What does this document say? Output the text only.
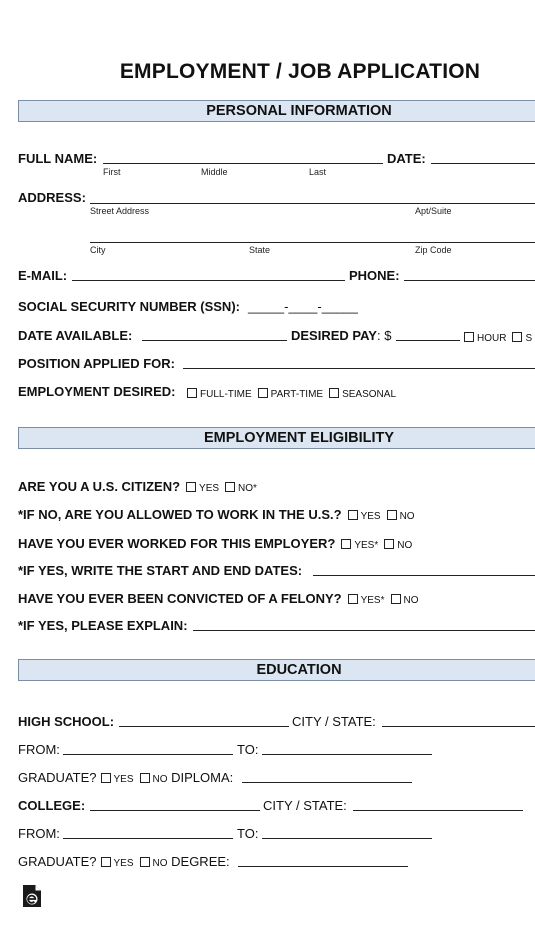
EMPLOYMENT / JOB APPLICATION
PERSONAL INFORMATION
FULL NAME:
First	Middle	Last
DATE:
ADDRESS:
Street Address	Apt/Suite
City	State	Zip Code
E-MAIL:	PHONE:
SOCIAL SECURITY NUMBER (SSN): _____-____-_____
DATE AVAILABLE:	DESIRED PAY: $	HOUR S
POSITION APPLIED FOR:
EMPLOYMENT DESIRED:	FULL-TIME PART-TIME SEASONAL
EMPLOYMENT ELIGIBILITY
ARE YOU A U.S. CITIZEN? YES NO*
*IF NO, ARE YOU ALLOWED TO WORK IN THE U.S.? YES NO
HAVE YOU EVER WORKED FOR THIS EMPLOYER? YES* NO
*IF YES, WRITE THE START AND END DATES:
HAVE YOU EVER BEEN CONVICTED OF A FELONY? YES* NO
*IF YES, PLEASE EXPLAIN:
EDUCATION
HIGH SCHOOL:	CITY / STATE:
FROM:	TO:
GRADUATE? YES NO DIPLOMA:
COLLEGE:	CITY / STATE:
FROM:	TO:
GRADUATE? YES NO DEGREE:
